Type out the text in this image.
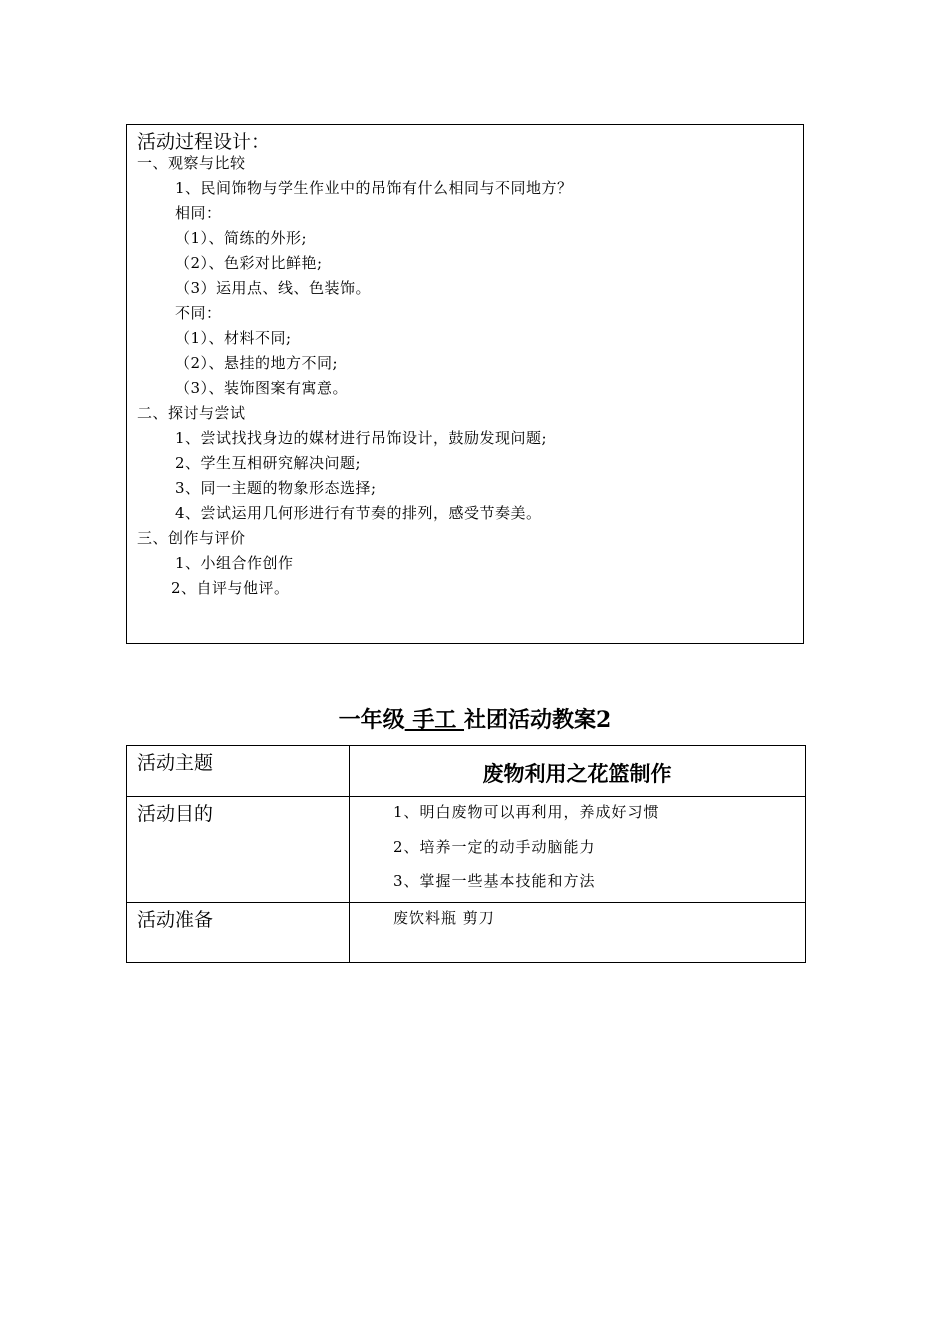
活动过程设计：
一、观察与比较
1、民间饰物与学生作业中的吊饰有什么相同与不同地方？
相同：
（1）、简练的外形;
（2）、色彩对比鲜艳;
（3）运用点、线、色装饰。
不同：
（1）、材料不同;
（2）、悬挂的地方不同;
（3）、装饰图案有寓意。
二、探讨与尝试
1、尝试找找身边的媒材进行吊饰设计，鼓励发现问题;
2、学生互相研究解决问题;
3、同一主题的物象形态选择;
4、尝试运用几何形进行有节奏的排列，感受节奏美。
三、创作与评价
1、小组合作创作
2、自评与他评。
一年级 手工 社团活动教案2
活动主题	废物利用之花篮制作
活动目的	1、明白废物可以再利用，养成好习惯
2、培养一定的动手动脑能力
3、掌握一些基本技能和方法
活动准备	废饮料瓶 剪刀
